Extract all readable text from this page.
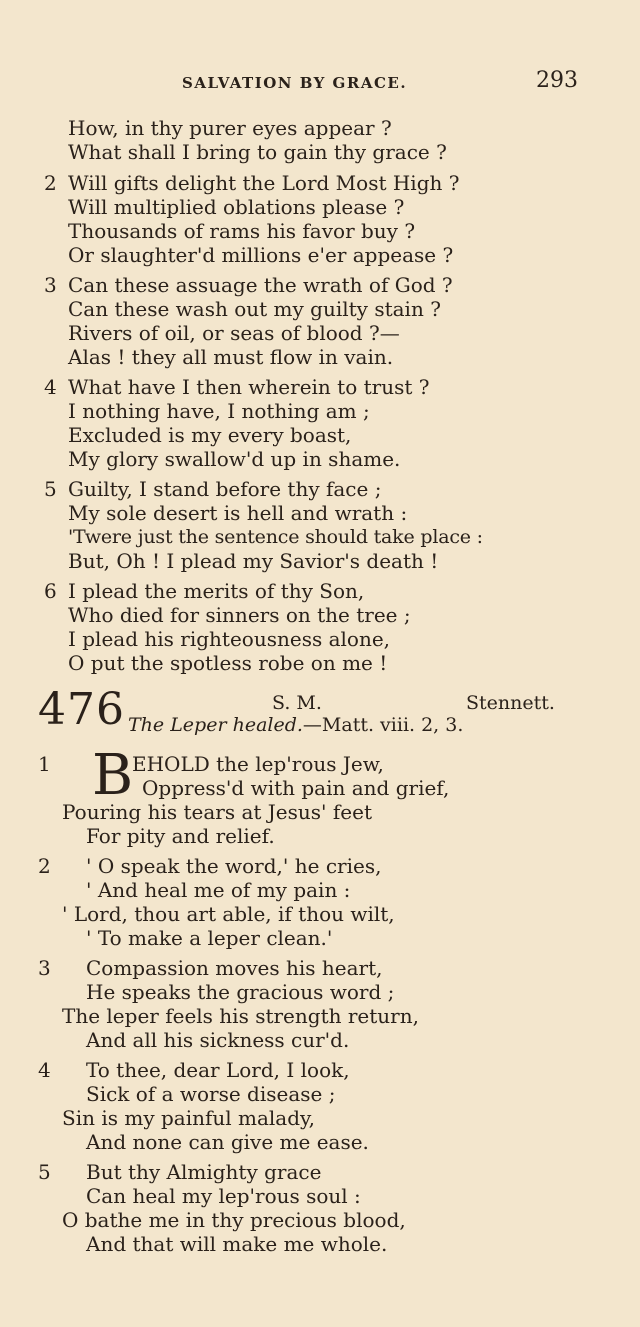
SALVATION BY GRACE.	293
How, in thy purer eyes appear ?
What shall I bring to gain thy grace ?
2 Will gifts delight the Lord Most High ?
Will multiplied oblations please ?
Thousands of rams his favor buy ?
Or slaughter'd millions e'er appease ?
3 Can these assuage the wrath of God ?
Can these wash out my guilty stain ?
Rivers of oil, or seas of blood ?—
Alas ! they all must flow in vain.
4 What have I then wherein to trust ?
I nothing have, I nothing am ;
Excluded is my every boast,
My glory swallow'd up in shame.
5 Guilty, I stand before thy face ;
My sole desert is hell and wrath :
'Twere just the sentence should take place :
But, Oh ! I plead my Savior's death !
6 I plead the merits of thy Son,
Who died for sinners on the tree ;
I plead his righteousness alone,
O put the spotless robe on me !
476	S. M.	Stennett.
The Leper healed.—Matt. viii. 2, 3.
1 B
EHOLD the lep'rous Jew,
Oppress'd with pain and grief,
Pouring his tears at Jesus' feet
For pity and relief.
2 ' O speak the word,' he cries,
' And heal me of my pain :
' Lord, thou art able, if thou wilt,
' To make a leper clean.'
3 Compassion moves his heart,
He speaks the gracious word ;
The leper feels his strength return,
And all his sickness cur'd.
4 To thee, dear Lord, I look,
Sick of a worse disease ;
Sin is my painful malady,
And none can give me ease.
5 But thy Almighty grace
Can heal my lep'rous soul :
O bathe me in thy precious blood,
And that will make me whole.
